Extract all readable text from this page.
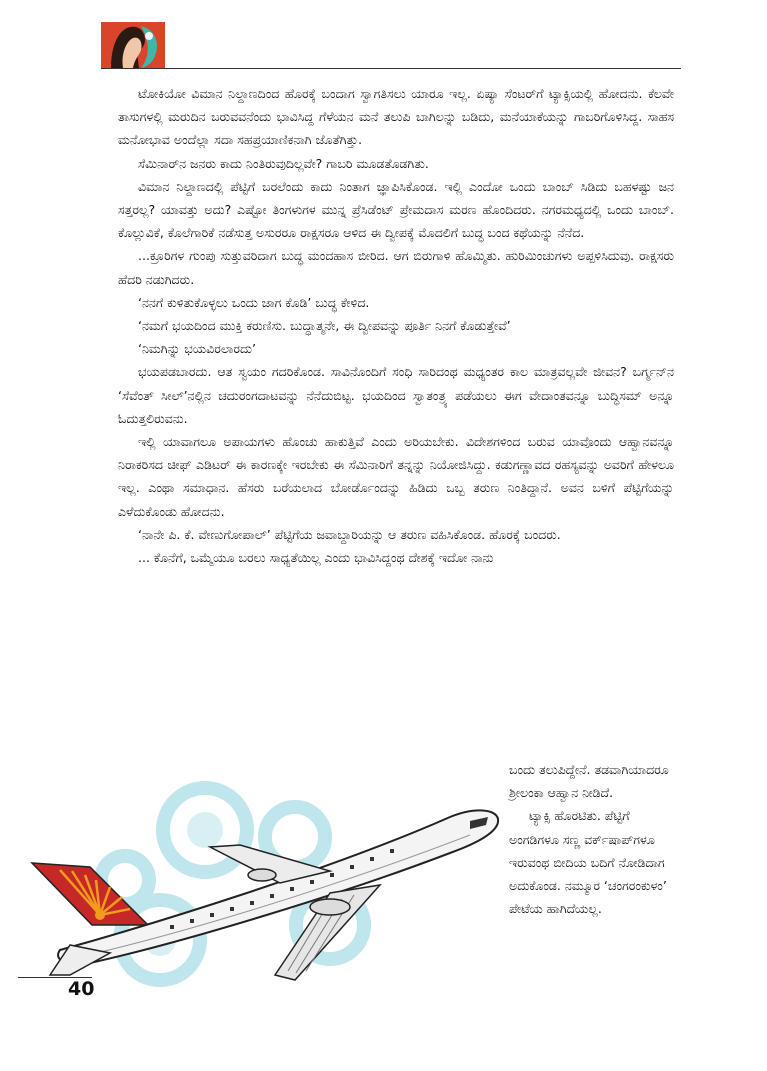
ಟೋಕಿಯೋ ವಿಮಾನ ನಿಲ್ದಾಣದಿಂದ ಹೊರಕ್ಕೆ ಬಂದಾಗ ಸ್ವಾಗತಿಸಲು ಯಾರೂ ಇಲ್ಲ. ಏಷ್ಯಾ ಸೆಂಟರ್‌ಗೆ ಟ್ಯಾಕ್ಸಿಯಲ್ಲಿ ಹೋದನು. ಕೆಲವೇ ತಾಸುಗಳಲ್ಲಿ ಮರುದಿನ ಬರುವವನೆಂದು ಭಾವಿಸಿದ್ದ ಗೆಳೆಯನ ಮನೆ ತಲುಪಿ ಬಾಗಿಲನ್ನು ಬಡಿದು, ಮನೆಯಾಕೆಯನ್ನು ಗಾಬರಿಗೊಳಿಸಿದ್ದ. ಸಾಹಸ ಮನೋಭಾವ ಅಂದೆಲ್ಲಾ ಸದಾ ಸಹಪ್ರಯಾಣಿಕನಾಗಿ ಜೊತೆಗಿತ್ತು.

ಸೆಮಿನಾರ್‌ನ ಜನರು ಕಾದು ನಿಂತಿರುವುದಿಲ್ಲವೇ? ಗಾಬರಿ ಮೂಡತೊಡಗಿತು.

ವಿಮಾನ ನಿಲ್ದಾಣದಲ್ಲಿ ಪೆಟ್ಟಿಗೆ ಬರಲೆಂದು ಕಾದು ನಿಂತಾಗ ಜ್ಞಾಪಿಸಿಕೊಂಡ. ಇಲ್ಲಿ ಎಂದೋ ಒಂದು ಬಾಂಬ್ ಸಿಡಿದು ಬಹಳಷ್ಟು ಜನ ಸತ್ತರಲ್ಲ? ಯಾವತ್ತು ಅದು? ಎಷ್ಟೋ ತಿಂಗಳುಗಳ ಮುನ್ನ ಪ್ರೆಸಿಡೆಂಟ್ ಪ್ರೇಮದಾಸ ಮರಣ ಹೊಂದಿದರು. ನಗರಮಧ್ಯದಲ್ಲಿ ಒಂದು ಬಾಂಬ್. ಕೊಲ್ಲುವಿಕೆ, ಕೊಲೆಗಾರಿಕೆ ನಡೆಸುತ್ತ ಅಸುರರೂ ರಾಕ್ಷಸರೂ ಆಳಿದ ಈ ದ್ವೀಪಕ್ಕೆ ಮೊದಲಿಗೆ ಬುದ್ಧ ಬಂದ ಕಥೆಯನ್ನು ನೆನೆದ.

...ಕ್ರೂರಿಗಳ ಗುಂಪು ಸುತ್ತುವರಿದಾಗ ಬುದ್ಧ ಮಂದಹಾಸ ಬೀರಿದ. ಆಗ ಬಿರುಗಾಳಿ ಹೊಮ್ಮಿತು. ಹುರಿಮಿಂಚುಗಳು ಅಪ್ಪಳಿಸಿದುವು. ರಾಕ್ಷಸರು ಹೆದರಿ ನಡುಗಿದರು.

‘ನನಗೆ ಕುಳಿತುಕೊಳ್ಳಲು ಒಂದು ಜಾಗ ಕೊಡಿ’ ಬುದ್ಧ ಕೇಳಿದ.

‘ನಮಗೆ ಭಯದಿಂದ ಮುಕ್ತಿ ಕರುಣಿಸು. ಬುದ್ಧಾತ್ಮನೇ, ಈ ದ್ವೀಪವನ್ನು ಪೂರ್ತಿ ನಿನಗೆ ಕೊಡುತ್ತೇವೆ’

‘ನಿಮಗಿನ್ನು ಭಯವಿರಲಾರದು’

ಭಯಪಡಬಾರದು. ಆತ ಸ್ವಯಂ ಗದರಿಕೊಂಡ. ಸಾವಿನೊಂದಿಗೆ ಸಂಧಿ ಸಾರಿದಂಥ ಮಧ್ಯಂತರ ಕಾಲ ಮಾತ್ರವಲ್ಲವೇ ಜೀವನ? ಬರ್ಗ್ಮನ್‌ನ ‘ಸೆವೆಂತ್ ಸೀಲ್’ನಲ್ಲಿನ ಚದುರಂಗದಾಟವನ್ನು ನೆನೆದುಬಿಟ್ಟ. ಭಯದಿಂದ ಸ್ವಾತಂತ್ರ್ಯ ಪಡೆಯಲು ಈಗ ವೇದಾಂತವನ್ನೂ ಬುದ್ಧಿಸಮ್ ಅನ್ನೂ ಓದುತ್ತಲಿರುವನು.

ಇಲ್ಲಿ ಯಾವಾಗಲೂ ಅಪಾಯಗಳು ಹೊಂಚು ಹಾಕುತ್ತಿವೆ ಎಂದು ಅರಿಯಬೇಕು. ವಿದೇಶಗಳಿಂದ ಬರುವ ಯಾವೊಂದು ಆಹ್ವಾನವನ್ನೂ ನಿರಾಕರಿಸದ ಚೀಫ್ ಎಡಿಟರ್ ಈ ಕಾರಣಕ್ಕೇ ಇರಬೇಕು ಈ ಸೆಮಿನಾರಿಗೆ ತನ್ನನ್ನು ನಿಯೋಜಿಸಿದ್ದು. ಕಡುಗಣ್ಣಾವದ ರಹಸ್ಯವನ್ನು ಅವರಿಗೆ ಹೇಳಲೂ ಇಲ್ಲ. ಎಂಥಾ ಸಮಾಧಾನ. ಹೆಸರು ಬರೆಯಲಾದ ಬೋರ್ಡೊಂದನ್ನು ಹಿಡಿದು ಒಬ್ಬ ತರುಣ ನಿಂತಿದ್ದಾನೆ. ಅವನ ಬಳಿಗೆ ಪೆಟ್ಟಿಗೆಯನ್ನು ಎಳೆದುಕೊಂಡು ಹೋದನು.

‘ನಾನೇ ಪಿ. ಕೆ. ವೇಣುಗೋಪಾಲ್’ ಪೆಟ್ಟಿಗೆಯ ಜವಾಬ್ದಾರಿಯನ್ನು ಆ ತರುಣ ವಹಿಸಿಕೊಂಡ. ಹೊರಕ್ಕೆ ಬಂದರು.

... ಕೊನೆಗೆ, ಒಮ್ಮೆಯೂ ಬರಲು ಸಾಧ್ಯತೆಯಿಲ್ಲ ಎಂದು ಭಾವಿಸಿದ್ದಂಥ ದೇಶಕ್ಕೆ ಇದೋ ನಾನು

ಬಂದು ತಲುಪಿದ್ದೇನೆ. ತಡವಾಗಿಯಾದರೂ ಶ್ರೀಲಂಕಾ ಆಹ್ವಾನ ನೀಡಿದೆ.

ಟ್ಯಾಕ್ಸಿ ಹೊರಟಿತು. ಪೆಟ್ಟಿಗೆ ಅಂಗಡಿಗಳೂ ಸಣ್ಣ ವರ್ಕ್‌ಷಾಪ್‌ಗಳೂ ಇರುವಂಥ ಬೀದಿಯ ಬದಿಗೆ ನೋಡಿದಾಗ ಅದುಕೊಂಡ. ನಮ್ಮೂರ ‘ಚಂಗರಂಕುಳಂ’ ಪೇಟೆಯ ಹಾಗಿದೆಯಲ್ಲ.

40
